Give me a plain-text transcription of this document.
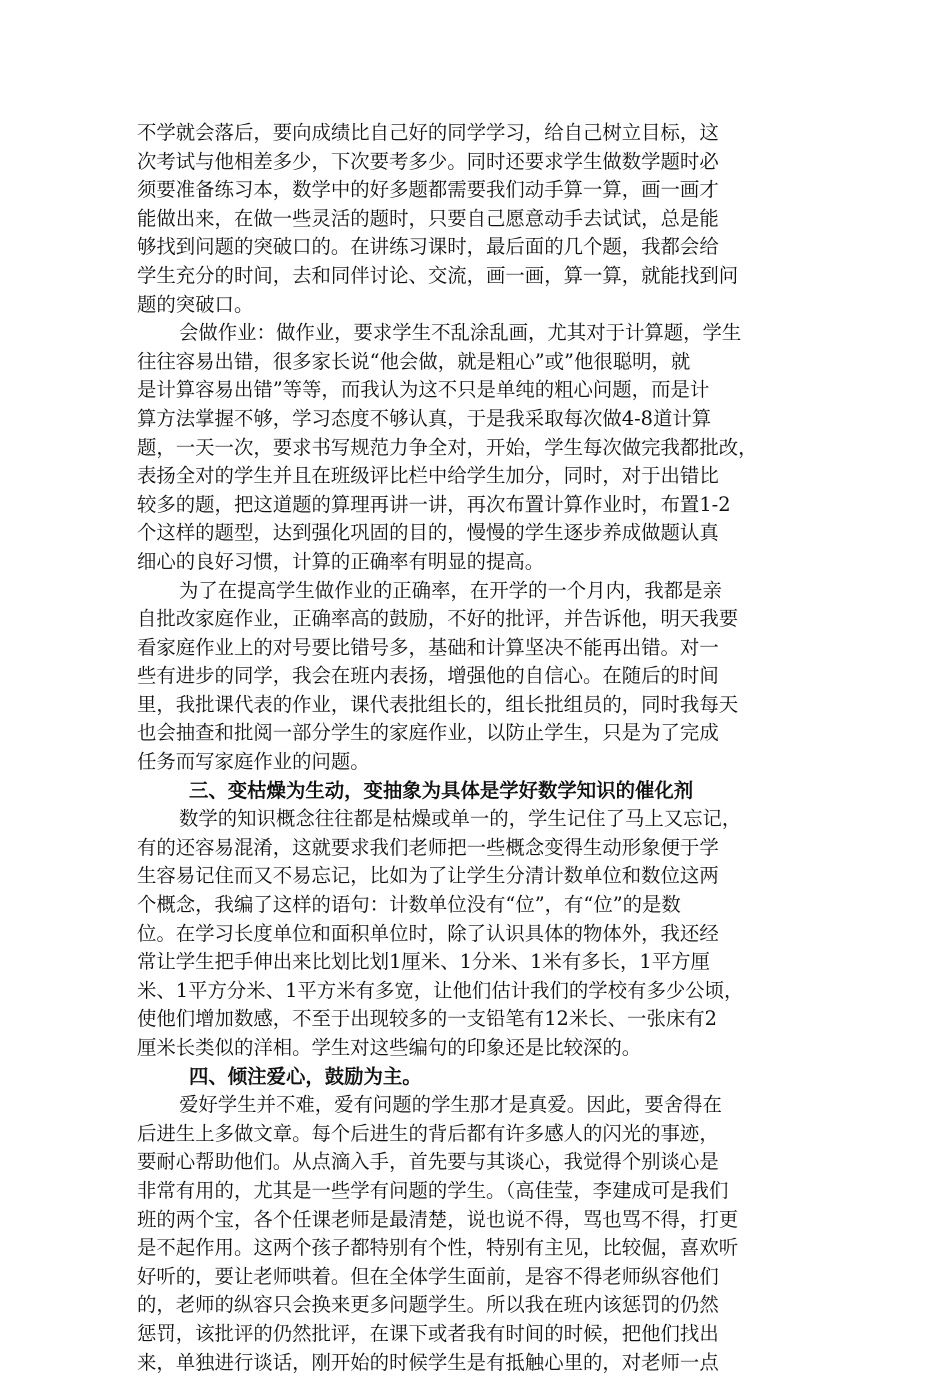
不学就会落后，要向成绩比自己好的同学学习，给自己树立目标，这
次考试与他相差多少，下次要考多少。同时还要求学生做数学题时必
须要准备练习本，数学中的好多题都需要我们动手算一算，画一画才
能做出来，在做一些灵活的题时，只要自己愿意动手去试试，总是能
够找到问题的突破口的。在讲练习课时，最后面的几个题，我都会给
学生充分的时间，去和同伴讨论、交流，画一画，算一算，就能找到问
题的突破口。
会做作业：做作业，要求学生不乱涂乱画，尤其对于计算题，学生
往往容易出错，很多家长说“他会做，就是粗心”或”他很聪明，就
是计算容易出错”等等，而我认为这不只是单纯的粗心问题，而是计
算方法掌握不够，学习态度不够认真，于是我采取每次做4-8道计算
题，一天一次，要求书写规范力争全对，开始，学生每次做完我都批改，
表扬全对的学生并且在班级评比栏中给学生加分，同时，对于出错比
较多的题，把这道题的算理再讲一讲，再次布置计算作业时，布置1-2
个这样的题型，达到强化巩固的目的，慢慢的学生逐步养成做题认真
细心的良好习惯，计算的正确率有明显的提高。
为了在提高学生做作业的正确率，在开学的一个月内，我都是亲
自批改家庭作业，正确率高的鼓励，不好的批评，并告诉他，明天我要
看家庭作业上的对号要比错号多，基础和计算坚决不能再出错。对一
些有进步的同学，我会在班内表扬，增强他的自信心。在随后的时间
里，我批课代表的作业，课代表批组长的，组长批组员的，同时我每天
也会抽查和批阅一部分学生的家庭作业，以防止学生，只是为了完成
任务而写家庭作业的问题。
三、变枯燥为生动，变抽象为具体是学好数学知识的催化剂
数学的知识概念往往都是枯燥或单一的，学生记住了马上又忘记，
有的还容易混淆，这就要求我们老师把一些概念变得生动形象便于学
生容易记住而又不易忘记，比如为了让学生分清计数单位和数位这两
个概念，我编了这样的语句：计数单位没有“位”，有“位”的是数
位。在学习长度单位和面积单位时，除了认识具体的物体外，我还经
常让学生把手伸出来比划比划1厘米、1分米、1米有多长，1平方厘
米、1平方分米、1平方米有多宽，让他们估计我们的学校有多少公顷，
使他们增加数感，不至于出现较多的一支铅笔有12米长、一张床有2
厘米长类似的洋相。学生对这些编句的印象还是比较深的。
四、倾注爱心，鼓励为主。
爱好学生并不难，爱有问题的学生那才是真爱。因此，要舍得在
后进生上多做文章。每个后进生的背后都有许多感人的闪光的事迹，
要耐心帮助他们。从点滴入手，首先要与其谈心，我觉得个别谈心是
非常有用的，尤其是一些学有问题的学生。（高佳莹，李建成可是我们
班的两个宝，各个任课老师是最清楚，说也说不得，骂也骂不得，打更
是不起作用。这两个孩子都特别有个性，特别有主见，比较倔，喜欢听
好听的，要让老师哄着。但在全体学生面前，是容不得老师纵容他们
的，老师的纵容只会换来更多问题学生。所以我在班内该惩罚的仍然
惩罚，该批评的仍然批评，在课下或者我有时间的时候，把他们找出
来，单独进行谈话，刚开始的时候学生是有抵触心里的，对老师一点
